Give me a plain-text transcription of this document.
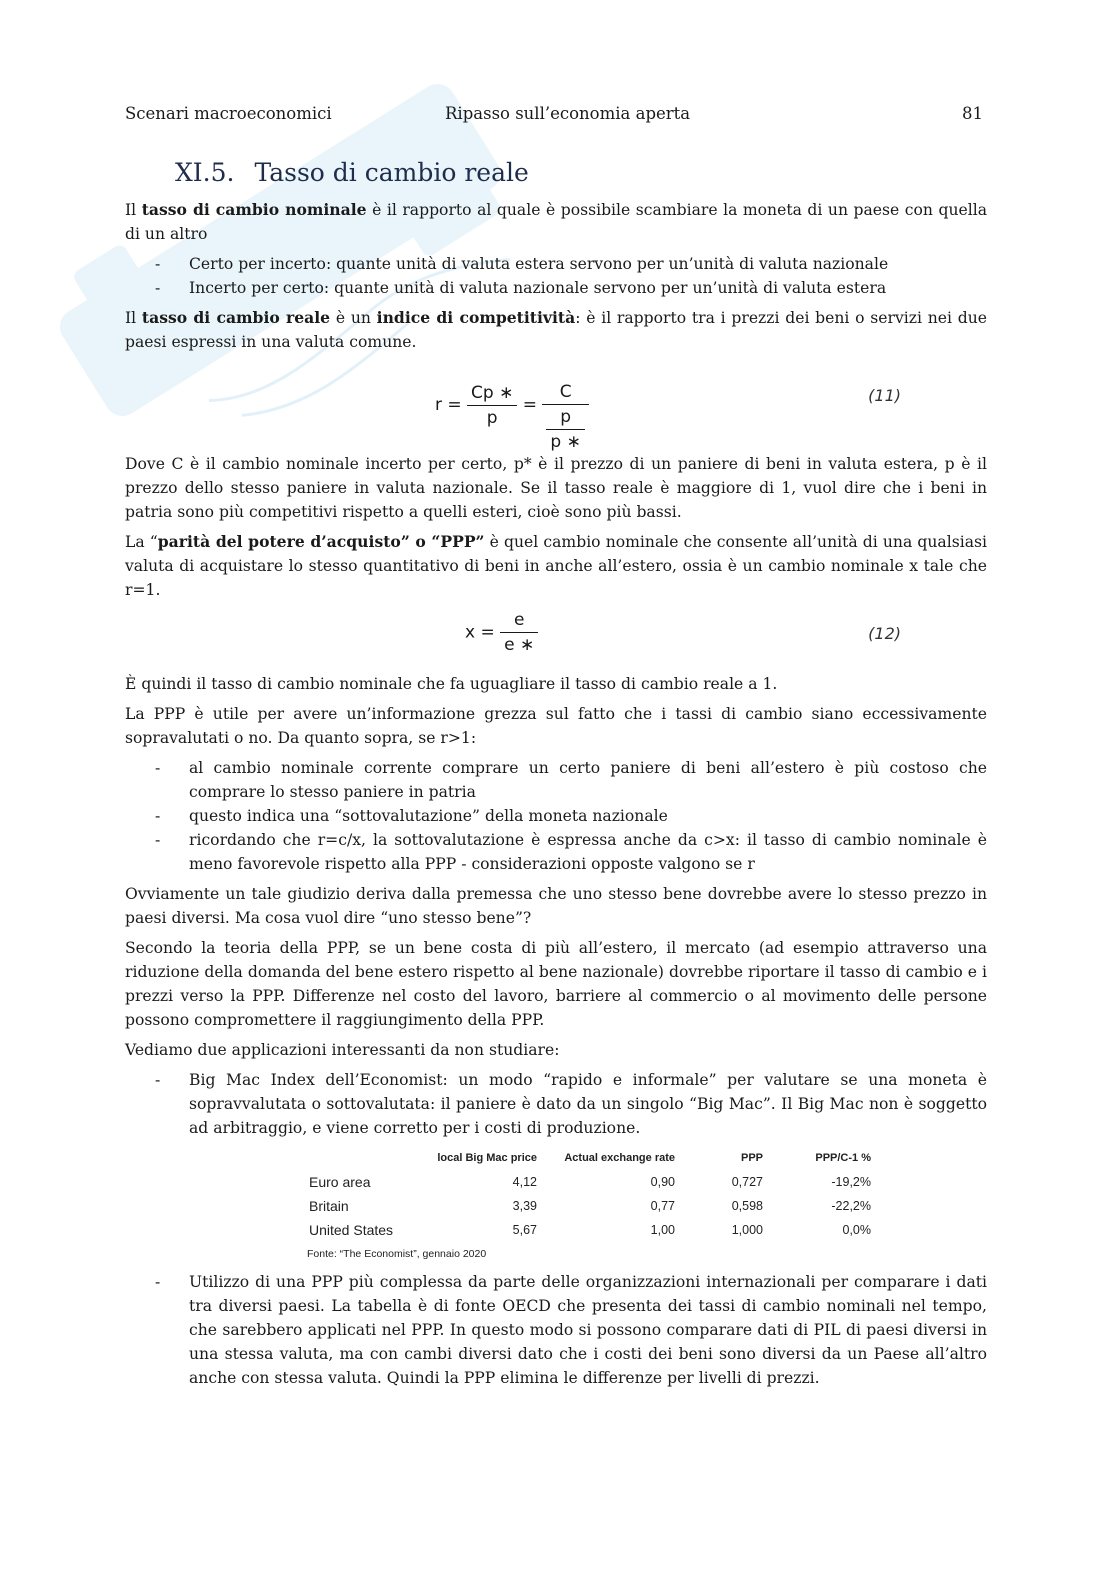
Scenari macroeconomici	Ripasso sull’economia aperta	81
XI.5. Tasso di cambio reale

Il tasso di cambio nominale è il rapporto al quale è possibile scambiare la moneta di un paese con quella di un altro

- Certo per incerto: quante unità di valuta estera servono per un’unità di valuta nazionale
- Incerto per certo: quante unità di valuta nazionale servono per un’unità di valuta estera

Il tasso di cambio reale è un indice di competitività: è il rapporto tra i prezzi dei beni o servizi nei due paesi espressi in una valuta comune.

$r = \frac{Cp ∗}{p} = \frac{C}{\frac{p}{p ∗}}$	(11)

Dove C è il cambio nominale incerto per certo, p* è il prezzo di un paniere di beni in valuta estera, p è il prezzo dello stesso paniere in valuta nazionale. Se il tasso reale è maggiore di 1, vuol dire che i beni in patria sono più competitivi rispetto a quelli esteri, cioè sono più bassi.

La “parità del potere d’acquisto” o “PPP” è quel cambio nominale che consente all’unità di una qualsiasi valuta di acquistare lo stesso quantitativo di beni in anche all’estero, ossia è un cambio nominale x tale che r=1.

$x = \frac{e}{e ∗}$	(12)

È quindi il tasso di cambio nominale che fa uguagliare il tasso di cambio reale a 1.

La PPP è utile per avere un’informazione grezza sul fatto che i tassi di cambio siano eccessivamente sopravalutati o no. Da quanto sopra, se r>1:

- al cambio nominale corrente comprare un certo paniere di beni all’estero è più costoso che comprare lo stesso paniere in patria
- questo indica una “sottovalutazione” della moneta nazionale
- ricordando che r=c/x, la sottovalutazione è espressa anche da c>x: il tasso di cambio nominale è meno favorevole rispetto alla PPP - considerazioni opposte valgono se r

Ovviamente un tale giudizio deriva dalla premessa che uno stesso bene dovrebbe avere lo stesso prezzo in paesi diversi. Ma cosa vuol dire “uno stesso bene”?

Secondo la teoria della PPP, se un bene costa di più all’estero, il mercato (ad esempio attraverso una riduzione della domanda del bene estero rispetto al bene nazionale) dovrebbe riportare il tasso di cambio e i prezzi verso la PPP. Differenze nel costo del lavoro, barriere al commercio o al movimento delle persone possono compromettere il raggiungimento della PPP.

Vediamo due applicazioni interessanti da non studiare:

- Big Mac Index dell’Economist: un modo “rapido e informale” per valutare se una moneta è sopravvalutata o sottovalutata: il paniere è dato da un singolo “Big Mac”. Il Big Mac non è soggetto ad arbitraggio, e viene corretto per i costi di produzione.
	local Big Mac price	Actual exchange rate	PPP	PPP/C-1 %
Euro area	4,12	0,90	0,727	-19,2%
Britain	3,39	0,77	0,598	-22,2%
United States	5,67	1,00	1,000	0,0%
Fonte: “The Economist”, gennaio 2020
- Utilizzo di una PPP più complessa da parte delle organizzazioni internazionali per comparare i dati tra diversi paesi. La tabella è di fonte OECD che presenta dei tassi di cambio nominali nel tempo, che sarebbero applicati nel PPP. In questo modo si possono comparare dati di PIL di paesi diversi in una stessa valuta, ma con cambi diversi dato che i costi dei beni sono diversi da un Paese all’altro anche con stessa valuta. Quindi la PPP elimina le differenze per livelli di prezzi.
